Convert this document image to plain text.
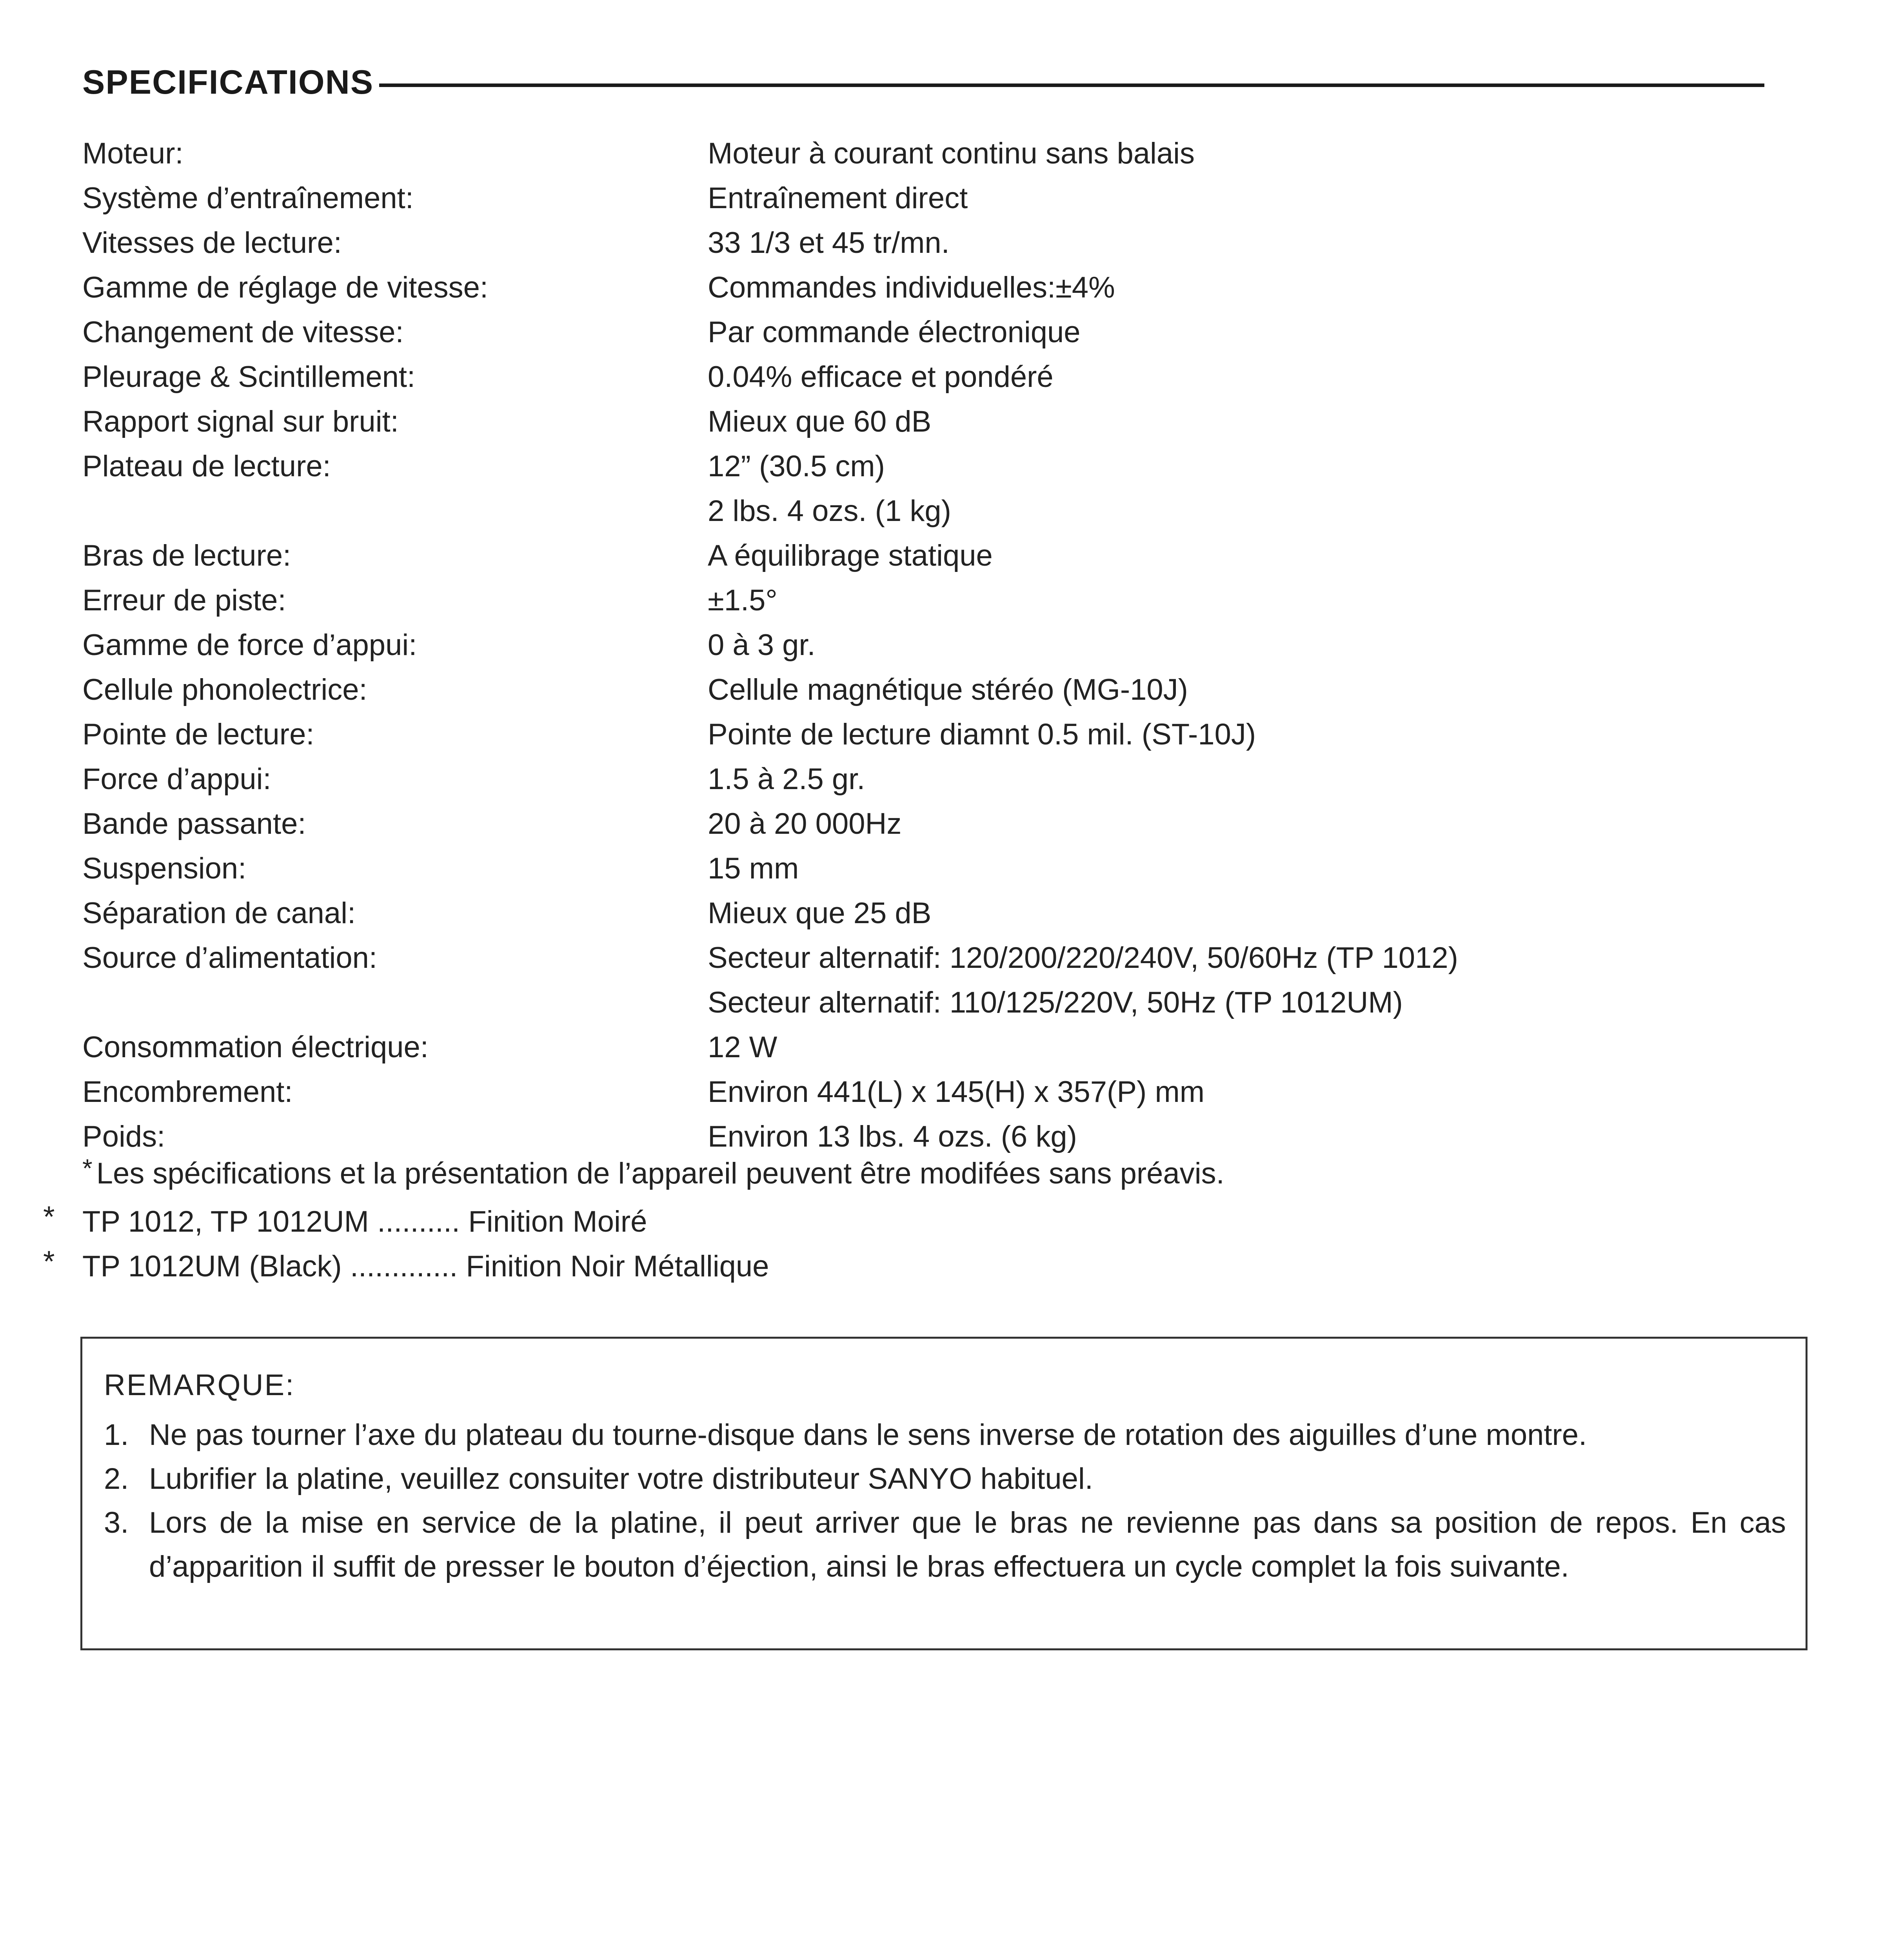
SPECIFICATIONS
Moteur:	Moteur à courant continu sans balais
Système d’entraînement:	Entraînement direct
Vitesses de lecture:	33 1/3 et 45 tr/mn.
Gamme de réglage de vitesse:	Commandes individuelles:±4%
Changement de vitesse:	Par commande électronique
Pleurage & Scintillement:	0.04% efficace et pondéré
Rapport signal sur bruit:	Mieux que 60 dB
Plateau de lecture:	12” (30.5 cm)
2 lbs. 4 ozs. (1 kg)
Bras de lecture:	A équilibrage statique
Erreur de piste:	±1.5°
Gamme de force d’appui:	0 à 3 gr.
Cellule phonolectrice:	Cellule magnétique stéréo (MG-10J)
Pointe de lecture:	Pointe de lecture diamnt 0.5 mil. (ST-10J)
Force d’appui:	1.5 à 2.5 gr.
Bande passante:	20 à 20 000Hz
Suspension:	15 mm
Séparation de canal:	Mieux que 25 dB
Source d’alimentation:	Secteur alternatif: 120/200/220/240V, 50/60Hz (TP 1012)
Secteur alternatif: 110/125/220V, 50Hz (TP 1012UM)
Consommation électrique:	12 W
Encombrement:	Environ 441(L) x 145(H) x 357(P) mm
Poids:	Environ 13 lbs. 4 ozs. (6 kg)
* Les spécifications et la présentation de l’appareil peuvent être modifées sans préavis.
* TP 1012, TP 1012UM .......... Finition Moiré
* TP 1012UM (Black) ............. Finition Noir Métallique
REMARQUE:
1. Ne pas tourner l’axe du plateau du tourne-disque dans le sens inverse de rotation des aiguilles d’une montre.
2. Lubrifier la platine, veuillez consuiter votre distributeur SANYO habituel.
3. Lors de la mise en service de la platine, il peut arriver que le bras ne revienne pas dans sa position de repos. En cas d’apparition il suffit de presser le bouton d’éjection, ainsi le bras effectuera un cycle complet la fois suivante.
